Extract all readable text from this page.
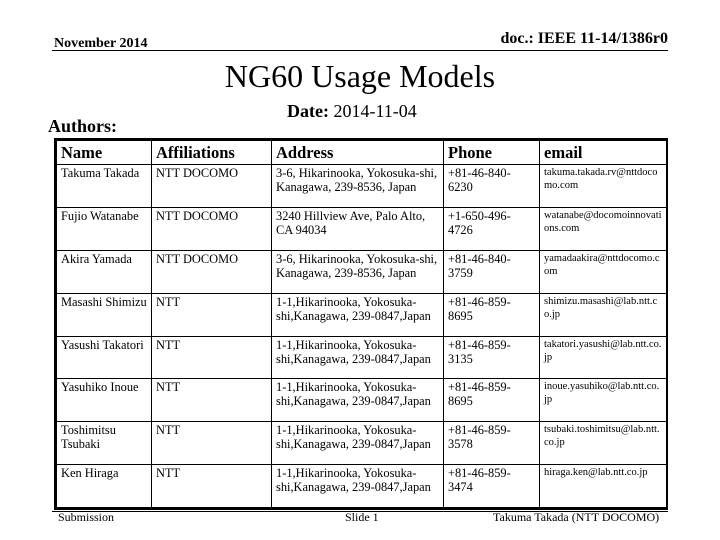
November 2014	doc.: IEEE 11-14/1386r0
NG60 Usage Models
Date: 2014-11-04
Authors:
Name	Affiliations	Address	Phone	email
Takuma Takada	NTT DOCOMO	3-6, Hikarinooka, Yokosuka-shi, Kanagawa, 239-8536, Japan	+81-46-840-6230	takuma.takada.rv@nttdocomo.com
Fujio Watanabe	NTT DOCOMO	3240 Hillview Ave, Palo Alto, CA 94034	+1-650-496-4726	watanabe@docomoinnovations.com
Akira Yamada	NTT DOCOMO	3-6, Hikarinooka, Yokosuka-shi, Kanagawa, 239-8536, Japan	+81-46-840-3759	yamadaakira@nttdocomo.com
Masashi Shimizu	NTT	1-1,Hikarinooka, Yokosuka-shi,Kanagawa, 239-0847,Japan	+81-46-859-8695	shimizu.masashi@lab.ntt.co.jp
Yasushi Takatori	NTT	1-1,Hikarinooka, Yokosuka-shi,Kanagawa, 239-0847,Japan	+81-46-859-3135	takatori.yasushi@lab.ntt.co.jp
Yasuhiko Inoue	NTT	1-1,Hikarinooka, Yokosuka-shi,Kanagawa, 239-0847,Japan	+81-46-859-8695	inoue.yasuhiko@lab.ntt.co.jp
Toshimitsu Tsubaki	NTT	1-1,Hikarinooka, Yokosuka-shi,Kanagawa, 239-0847,Japan	+81-46-859-3578	tsubaki.toshimitsu@lab.ntt.co.jp
Ken Hiraga	NTT	1-1,Hikarinooka, Yokosuka-shi,Kanagawa, 239-0847,Japan	+81-46-859-3474	hiraga.ken@lab.ntt.co.jp
Submission	Slide 1	Takuma Takada (NTT DOCOMO)
